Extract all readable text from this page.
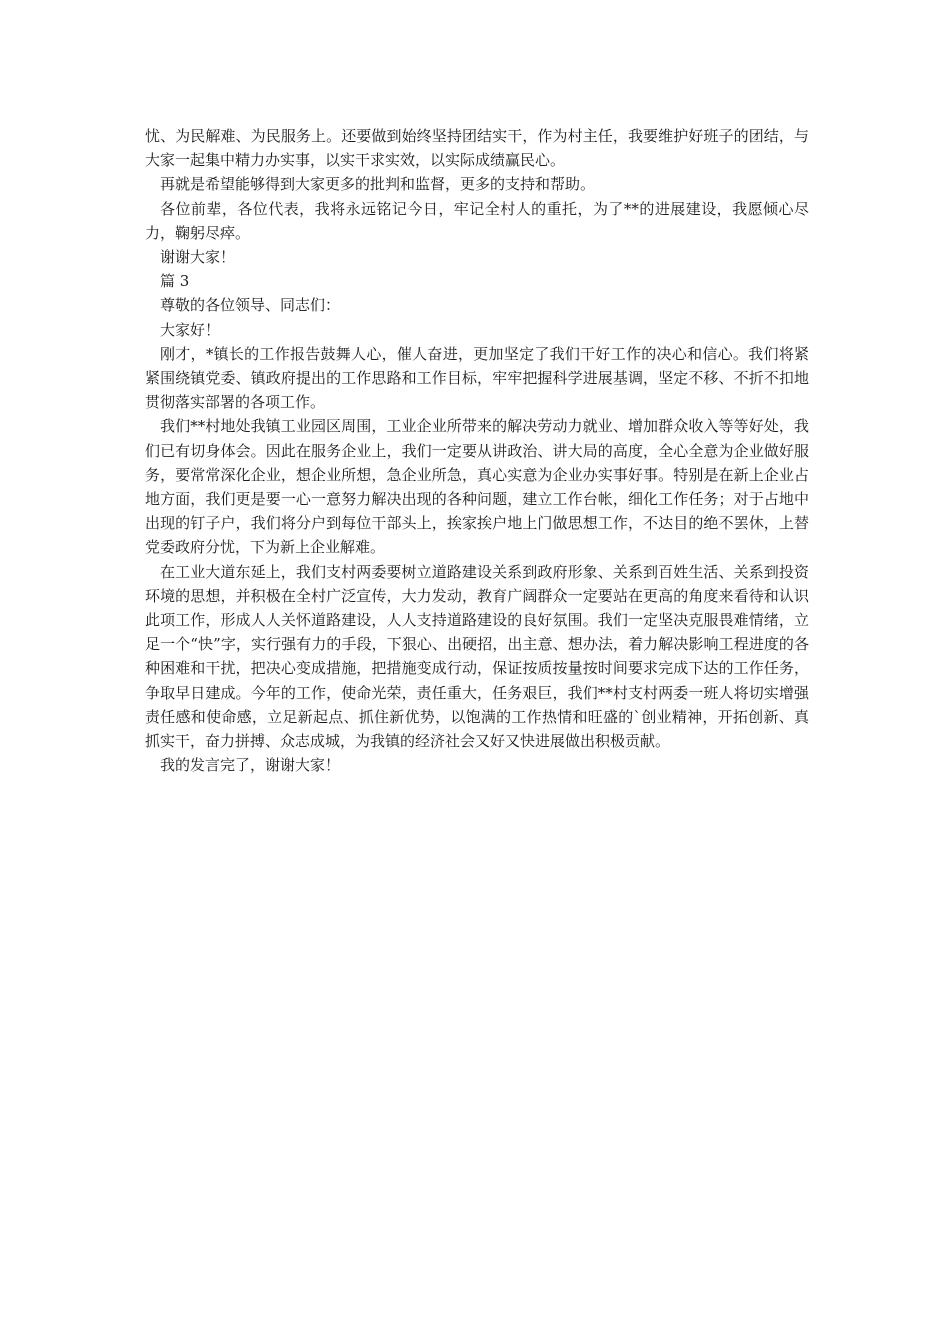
忧、为民解难、为民服务上。还要做到始终坚持团结实干，作为村主任，我要维护好班子的团结，与大家一起集中精力办实事，以实干求实效，以实际成绩赢民心。

再就是希望能够得到大家更多的批判和监督，更多的支持和帮助。

各位前辈，各位代表，我将永远铭记今日，牢记全村人的重托，为了**的进展建设，我愿倾心尽力，鞠躬尽瘁。

谢谢大家！

篇 3

尊敬的各位领导、同志们：

大家好！

刚才，*镇长的工作报告鼓舞人心，催人奋进，更加坚定了我们干好工作的决心和信心。我们将紧紧围绕镇党委、镇政府提出的工作思路和工作目标，牢牢把握科学进展基调，坚定不移、不折不扣地贯彻落实部署的各项工作。

我们**村地处我镇工业园区周围，工业企业所带来的解决劳动力就业、增加群众收入等等好处，我们已有切身体会。因此在服务企业上，我们一定要从讲政治、讲大局的高度，全心全意为企业做好服务，要常常深化企业，想企业所想，急企业所急，真心实意为企业办实事好事。特别是在新上企业占地方面，我们更是要一心一意努力解决出现的各种问题，建立工作台帐，细化工作任务；对于占地中出现的钉子户，我们将分户到每位干部头上，挨家挨户地上门做思想工作，不达目的绝不罢休，上替党委政府分忧，下为新上企业解难。

在工业大道东延上，我们支村两委要树立道路建设关系到政府形象、关系到百姓生活、关系到投资环境的思想，并积极在全村广泛宣传，大力发动，教育广阔群众一定要站在更高的角度来看待和认识此项工作，形成人人关怀道路建设，人人支持道路建设的良好氛围。我们一定坚决克服畏难情绪，立足一个“快”字，实行强有力的手段，下狠心、出硬招，出主意、想办法，着力解决影响工程进度的各种困难和干扰，把决心变成措施，把措施变成行动，保证按质按量按时间要求完成下达的工作任务，争取早日建成。今年的工作，使命光荣，责任重大，任务艰巨，我们**村支村两委一班人将切实增强责任感和使命感，立足新起点、抓住新优势，以饱满的工作热情和旺盛的`创业精神，开拓创新、真抓实干，奋力拼搏、众志成城，为我镇的经济社会又好又快进展做出积极贡献。

我的发言完了，谢谢大家！
